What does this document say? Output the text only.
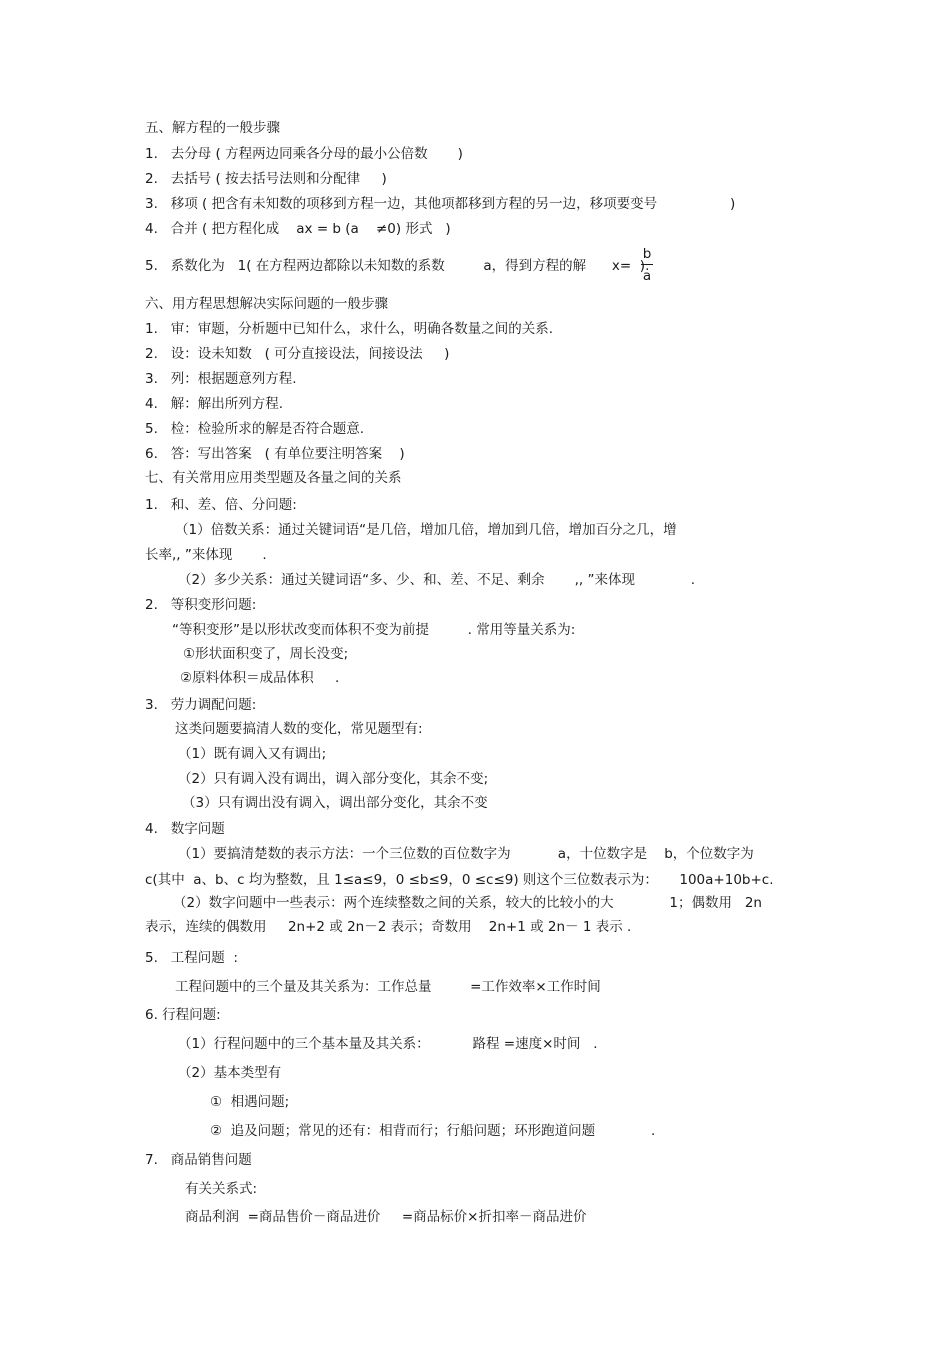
五、解方程的一般步骤
1.   去分母 ( 方程两边同乘各分母的最小公倍数       )
2.   去括号 ( 按去括号法则和分配律     )
3.   移项 ( 把含有未知数的项移到方程一边，其他项都移到方程的另一边，移项要变号                 )
4.   合并 ( 把方程化成    ax = b (a    ≠0) 形式   )
5.   系数化为   1( 在方程两边都除以未知数的系数         a，得到方程的解      x=  ).
b
a
六、用方程思想解决实际问题的一般步骤
1.   审：审题，分析题中已知什么，求什么，明确各数量之间的关系.
2.   设：设未知数   ( 可分直接设法，间接设法     )
3.   列：根据题意列方程.
4.   解：解出所列方程.
5.   检：检验所求的解是否符合题意.
6.   答：写出答案   ( 有单位要注明答案    )
七、有关常用应用类型题及各量之间的关系
1.   和、差、倍、分问题:
（1）倍数关系：通过关键词语“是几倍，增加几倍，增加到几倍，增加百分之几，增
长率,, ”来体现       .
（2）多少关系：通过关键词语“多、少、和、差、不足、剩余       ,, ”来体现             .
2.   等积变形问题:
“等积变形”是以形状改变而体积不变为前提         . 常用等量关系为:
①形状面积变了，周长没变;
②原料体积＝成品体积     .
3.   劳力调配问题:
这类问题要搞清人数的变化，常见题型有:
（1）既有调入又有调出;
（2）只有调入没有调出，调入部分变化，其余不变;
（3）只有调出没有调入，调出部分变化，其余不变
4.   数字问题
（1）要搞清楚数的表示方法：一个三位数的百位数字为           a，十位数字是    b，个位数字为
c(其中  a、b、c 均为整数，且 1≤a≤9，0 ≤b≤9，0 ≤c≤9) 则这个三位数表示为：     100a+10b+c.
（2）数字问题中一些表示：两个连续整数之间的关系，较大的比较小的大             1；偶数用   2n
表示，连续的偶数用     2n+2 或 2n－2 表示；奇数用    2n+1 或 2n－ 1 表示 .
5.   工程问题  :
工程问题中的三个量及其关系为：工作总量         =工作效率×工作时间
6. 行程问题:
（1）行程问题中的三个基本量及其关系：          路程 =速度×时间   .
（2）基本类型有
①  相遇问题;
②  追及问题；常见的还有：相背而行；行船问题；环形跑道问题             .
7.   商品销售问题
有关关系式:
商品利润  =商品售价－商品进价     =商品标价×折扣率－商品进价
